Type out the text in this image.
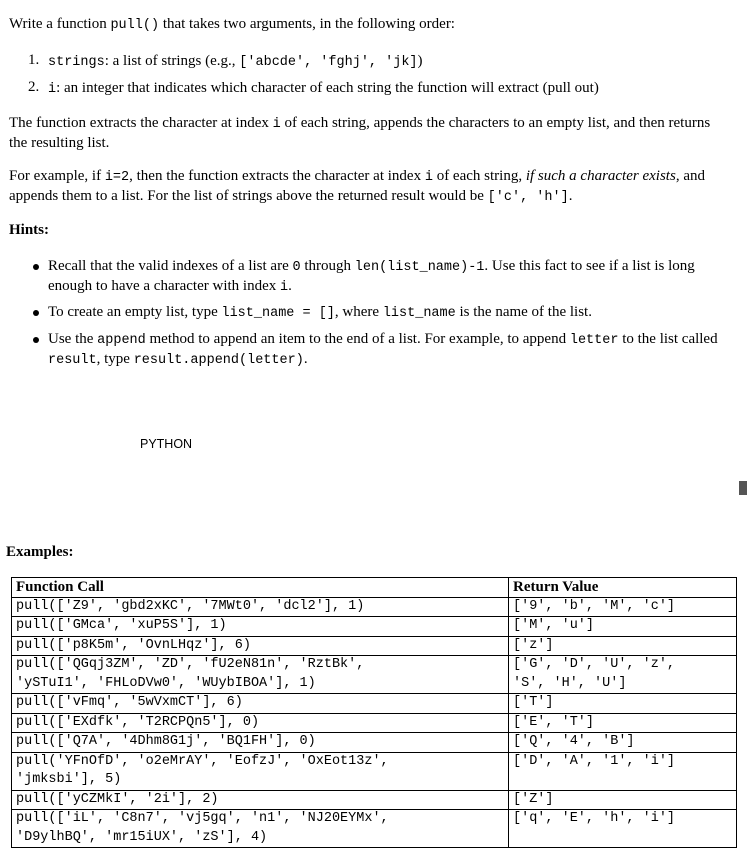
Write a function pull() that takes two arguments, in the following order:

1. strings: a list of strings (e.g., ['abcde', 'fghj', 'jk])

2. i: an integer that indicates which character of each string the function will extract (pull out)

The function extracts the character at index i of each string, appends the characters to an empty list, and then returns the resulting list.

For example, if i=2, then the function extracts the character at index i of each string, if such a character exists, and appends them to a list. For the list of strings above the returned result would be ['c', 'h'].

Hints:

Recall that the valid indexes of a list are 0 through len(list_name)-1. Use this fact to see if a list is long enough to have a character with index i.

To create an empty list, type list_name = [], where list_name is the name of the list.

Use the append method to append an item to the end of a list. For example, to append letter to the list called result, type result.append(letter).

PYTHON
Examples:
Function Call	Return Value
pull(['Z9', 'gbd2xKC', '7MWt0', 'dcl2'], 1)	['9', 'b', 'M', 'c']
pull(['GMca', 'xuP5S'], 1)	['M', 'u']
pull(['p8K5m', 'OvnLHqz'], 6)	['z']
pull(['QGqj3ZM', 'ZD', 'fU2eN81n', 'RztBk',
'ySTuI1', 'FHLoDVw0', 'WUybIBOA'], 1)	['G', 'D', 'U', 'z',
'S', 'H', 'U']
pull(['vFmq', '5wVxmCT'], 6)	['T']
pull(['EXdfk', 'T2RCPQn5'], 0)	['E', 'T']
pull(['Q7A', '4Dhm8G1j', 'BQ1FH'], 0)	['Q', '4', 'B']
pull('YFnOfD', 'o2eMrAY', 'EofzJ', 'OxEot13z',
'jmksbi'], 5)	['D', 'A', '1', 'i']
pull(['yCZMkI', '2i'], 2)	['Z']
pull(['iL', 'C8n7', 'vj5gq', 'n1', 'NJ20EYMx',
'D9ylhBQ', 'mr15iUX', 'zS'], 4)	['q', 'E', 'h', 'i']
